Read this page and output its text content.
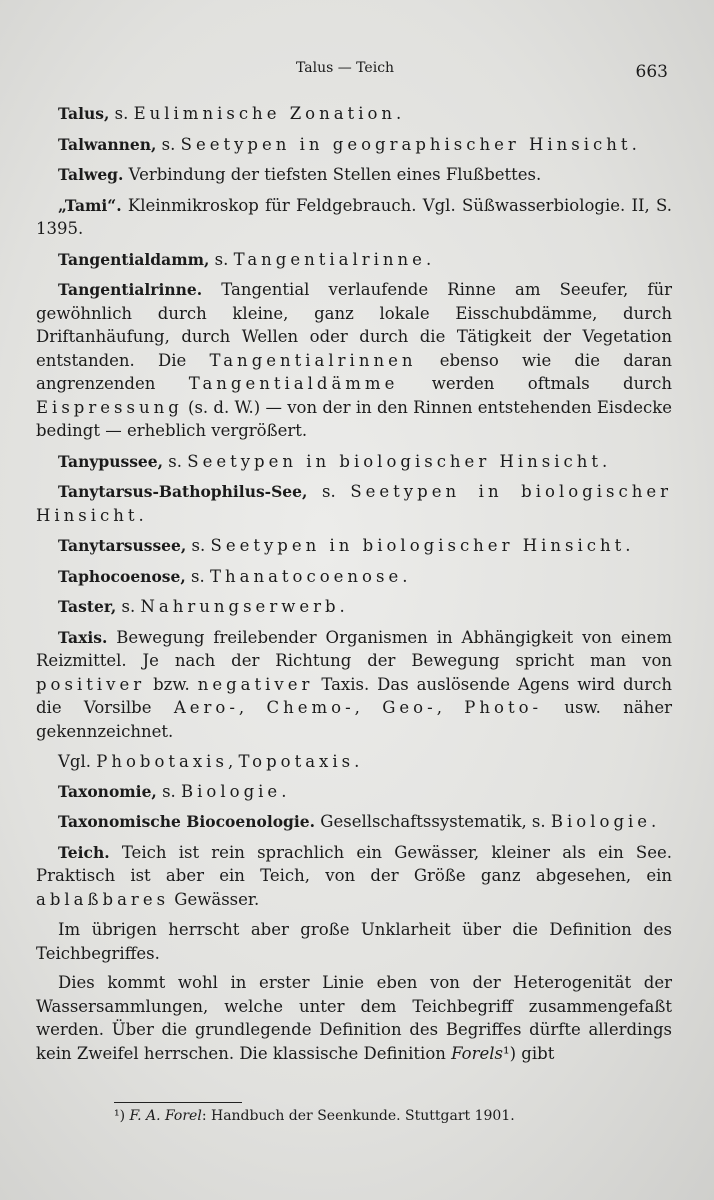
Talus — Teich	663

Talus, s. Eulimnische Zonation.

Talwannen, s. Seetypen in geographischer Hinsicht.

Talweg. Verbindung der tiefsten Stellen eines Flußbettes.

„Tami“. Kleinmikroskop für Feldgebrauch. Vgl. Süßwasserbiologie. II, S. 1395.

Tangentialdamm, s. Tangentialrinne.

Tangentialrinne. Tangential verlaufende Rinne am Seeufer, für gewöhnlich durch kleine, ganz lokale Eisschubdämme, durch Driftanhäufung, durch Wellen oder durch die Tätigkeit der Vegetation entstanden. Die Tangentialrinnen ebenso wie die daran angrenzenden Tangentialdämme werden oftmals durch Eispressung (s. d. W.) — von der in den Rinnen entstehenden Eisdecke bedingt — erheblich vergrößert.

Tanypussee, s. Seetypen in biologischer Hinsicht.

Tanytarsus-Bathophilus-See, s. Seetypen in biologischer Hinsicht.

Tanytarsussee, s. Seetypen in biologischer Hinsicht.

Taphocoenose, s. Thanatocoenose.

Taster, s. Nahrungserwerb.

Taxis. Bewegung freilebender Organismen in Abhängigkeit von einem Reizmittel. Je nach der Richtung der Bewegung spricht man von positiver bzw. negativer Taxis. Das auslösende Agens wird durch die Vorsilbe Aero-, Chemo-, Geo-, Photo- usw. näher gekennzeichnet.

Vgl. Phobotaxis, Topotaxis.

Taxonomie, s. Biologie.

Taxonomische Biocoenologie. Gesellschaftssystematik, s. Biologie.

Teich. Teich ist rein sprachlich ein Gewässer, kleiner als ein See. Praktisch ist aber ein Teich, von der Größe ganz abgesehen, ein ablaßbares Gewässer.

Im übrigen herrscht aber große Unklarheit über die Definition des Teichbegriffes.

Dies kommt wohl in erster Linie eben von der Heterogenität der Wassersammlungen, welche unter dem Teichbegriff zusammengefaßt werden. Über die grundlegende Definition des Begriffes dürfte allerdings kein Zweifel herrschen. Die klassische Definition Forels¹) gibt

¹) F. A. Forel: Handbuch der Seenkunde. Stuttgart 1901.
